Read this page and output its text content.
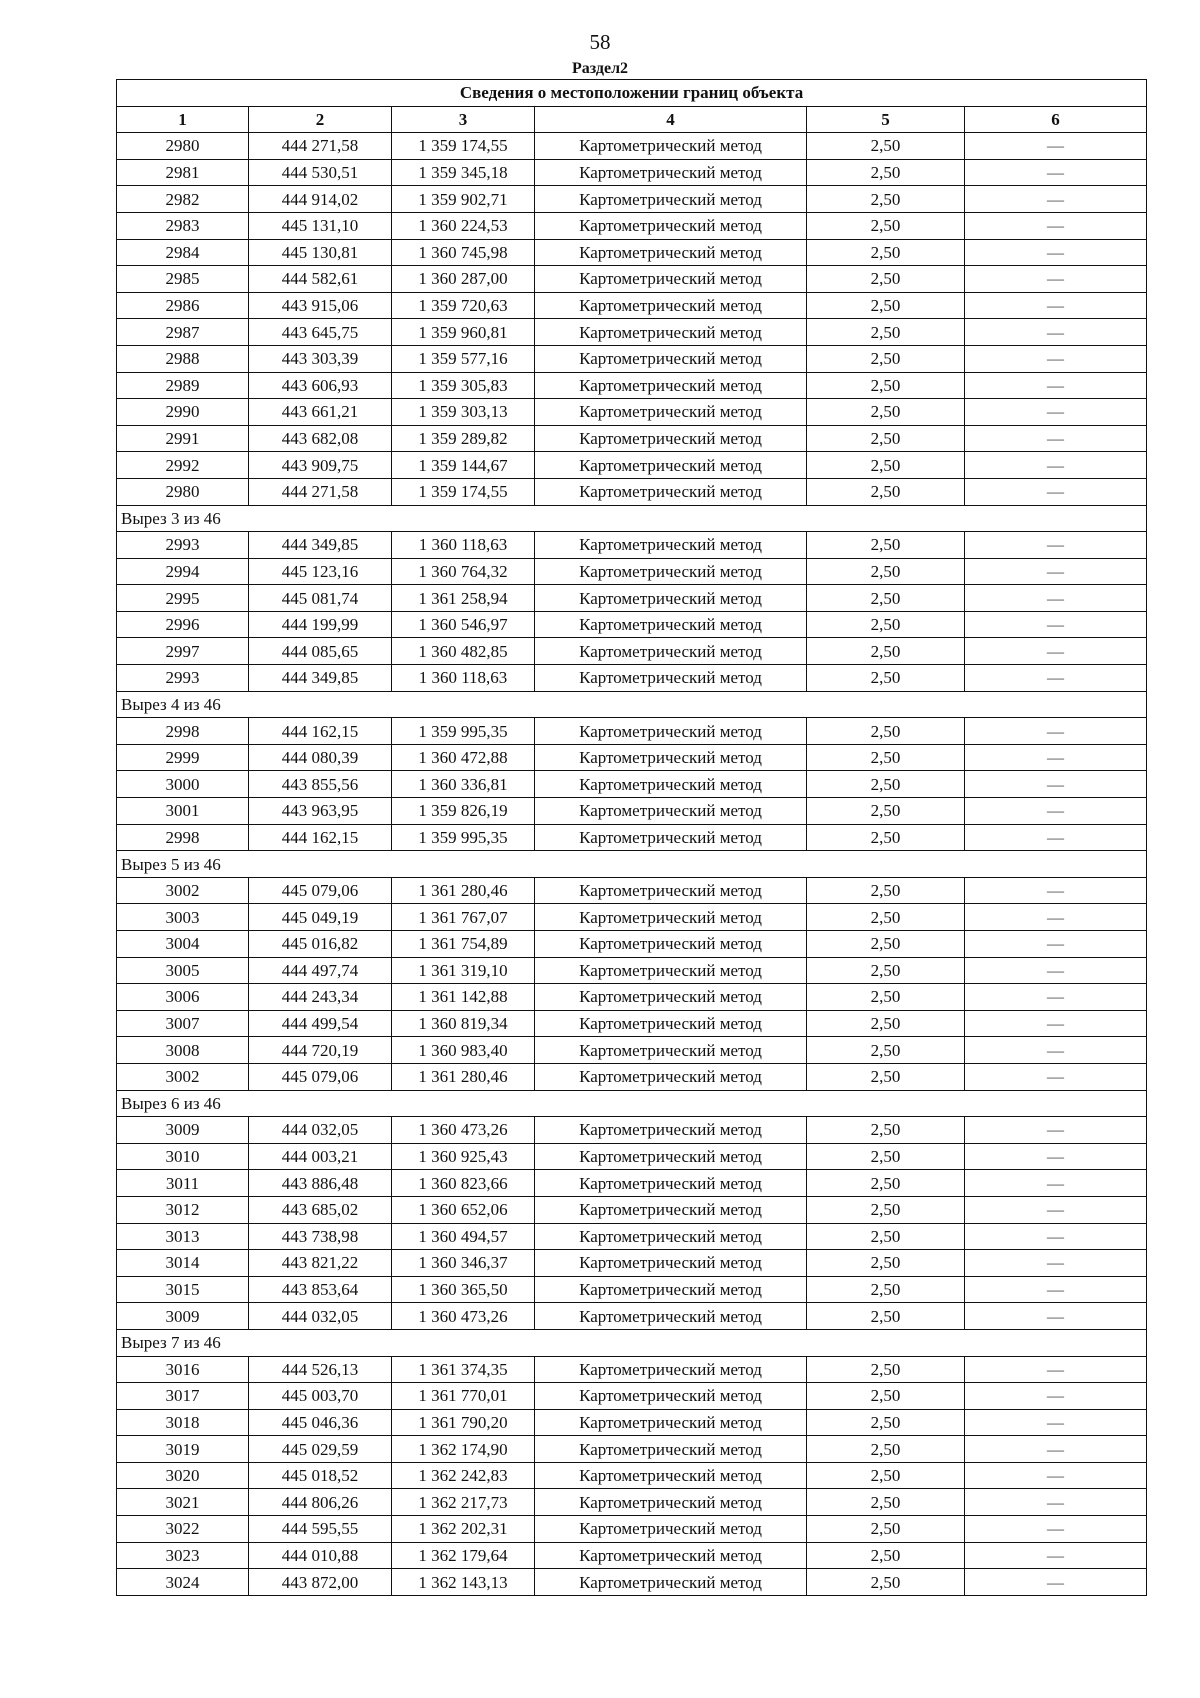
58
Раздел2
Сведения о местоположении границ объекта					
1	2	3	4	5	6
2980	444 271,58	1 359 174,55	Картометрический метод	2,50	—
2981	444 530,51	1 359 345,18	Картометрический метод	2,50	—
2982	444 914,02	1 359 902,71	Картометрический метод	2,50	—
2983	445 131,10	1 360 224,53	Картометрический метод	2,50	—
2984	445 130,81	1 360 745,98	Картометрический метод	2,50	—
2985	444 582,61	1 360 287,00	Картометрический метод	2,50	—
2986	443 915,06	1 359 720,63	Картометрический метод	2,50	—
2987	443 645,75	1 359 960,81	Картометрический метод	2,50	—
2988	443 303,39	1 359 577,16	Картометрический метод	2,50	—
2989	443 606,93	1 359 305,83	Картометрический метод	2,50	—
2990	443 661,21	1 359 303,13	Картометрический метод	2,50	—
2991	443 682,08	1 359 289,82	Картометрический метод	2,50	—
2992	443 909,75	1 359 144,67	Картометрический метод	2,50	—
2980	444 271,58	1 359 174,55	Картометрический метод	2,50	—
Вырез 3 из 46					
2993	444 349,85	1 360 118,63	Картометрический метод	2,50	—
2994	445 123,16	1 360 764,32	Картометрический метод	2,50	—
2995	445 081,74	1 361 258,94	Картометрический метод	2,50	—
2996	444 199,99	1 360 546,97	Картометрический метод	2,50	—
2997	444 085,65	1 360 482,85	Картометрический метод	2,50	—
2993	444 349,85	1 360 118,63	Картометрический метод	2,50	—
Вырез 4 из 46					
2998	444 162,15	1 359 995,35	Картометрический метод	2,50	—
2999	444 080,39	1 360 472,88	Картометрический метод	2,50	—
3000	443 855,56	1 360 336,81	Картометрический метод	2,50	—
3001	443 963,95	1 359 826,19	Картометрический метод	2,50	—
2998	444 162,15	1 359 995,35	Картометрический метод	2,50	—
Вырез 5 из 46					
3002	445 079,06	1 361 280,46	Картометрический метод	2,50	—
3003	445 049,19	1 361 767,07	Картометрический метод	2,50	—
3004	445 016,82	1 361 754,89	Картометрический метод	2,50	—
3005	444 497,74	1 361 319,10	Картометрический метод	2,50	—
3006	444 243,34	1 361 142,88	Картометрический метод	2,50	—
3007	444 499,54	1 360 819,34	Картометрический метод	2,50	—
3008	444 720,19	1 360 983,40	Картометрический метод	2,50	—
3002	445 079,06	1 361 280,46	Картометрический метод	2,50	—
Вырез 6 из 46					
3009	444 032,05	1 360 473,26	Картометрический метод	2,50	—
3010	444 003,21	1 360 925,43	Картометрический метод	2,50	—
3011	443 886,48	1 360 823,66	Картометрический метод	2,50	—
3012	443 685,02	1 360 652,06	Картометрический метод	2,50	—
3013	443 738,98	1 360 494,57	Картометрический метод	2,50	—
3014	443 821,22	1 360 346,37	Картометрический метод	2,50	—
3015	443 853,64	1 360 365,50	Картометрический метод	2,50	—
3009	444 032,05	1 360 473,26	Картометрический метод	2,50	—
Вырез 7 из 46					
3016	444 526,13	1 361 374,35	Картометрический метод	2,50	—
3017	445 003,70	1 361 770,01	Картометрический метод	2,50	—
3018	445 046,36	1 361 790,20	Картометрический метод	2,50	—
3019	445 029,59	1 362 174,90	Картометрический метод	2,50	—
3020	445 018,52	1 362 242,83	Картометрический метод	2,50	—
3021	444 806,26	1 362 217,73	Картометрический метод	2,50	—
3022	444 595,55	1 362 202,31	Картометрический метод	2,50	—
3023	444 010,88	1 362 179,64	Картометрический метод	2,50	—
3024	443 872,00	1 362 143,13	Картометрический метод	2,50	—
